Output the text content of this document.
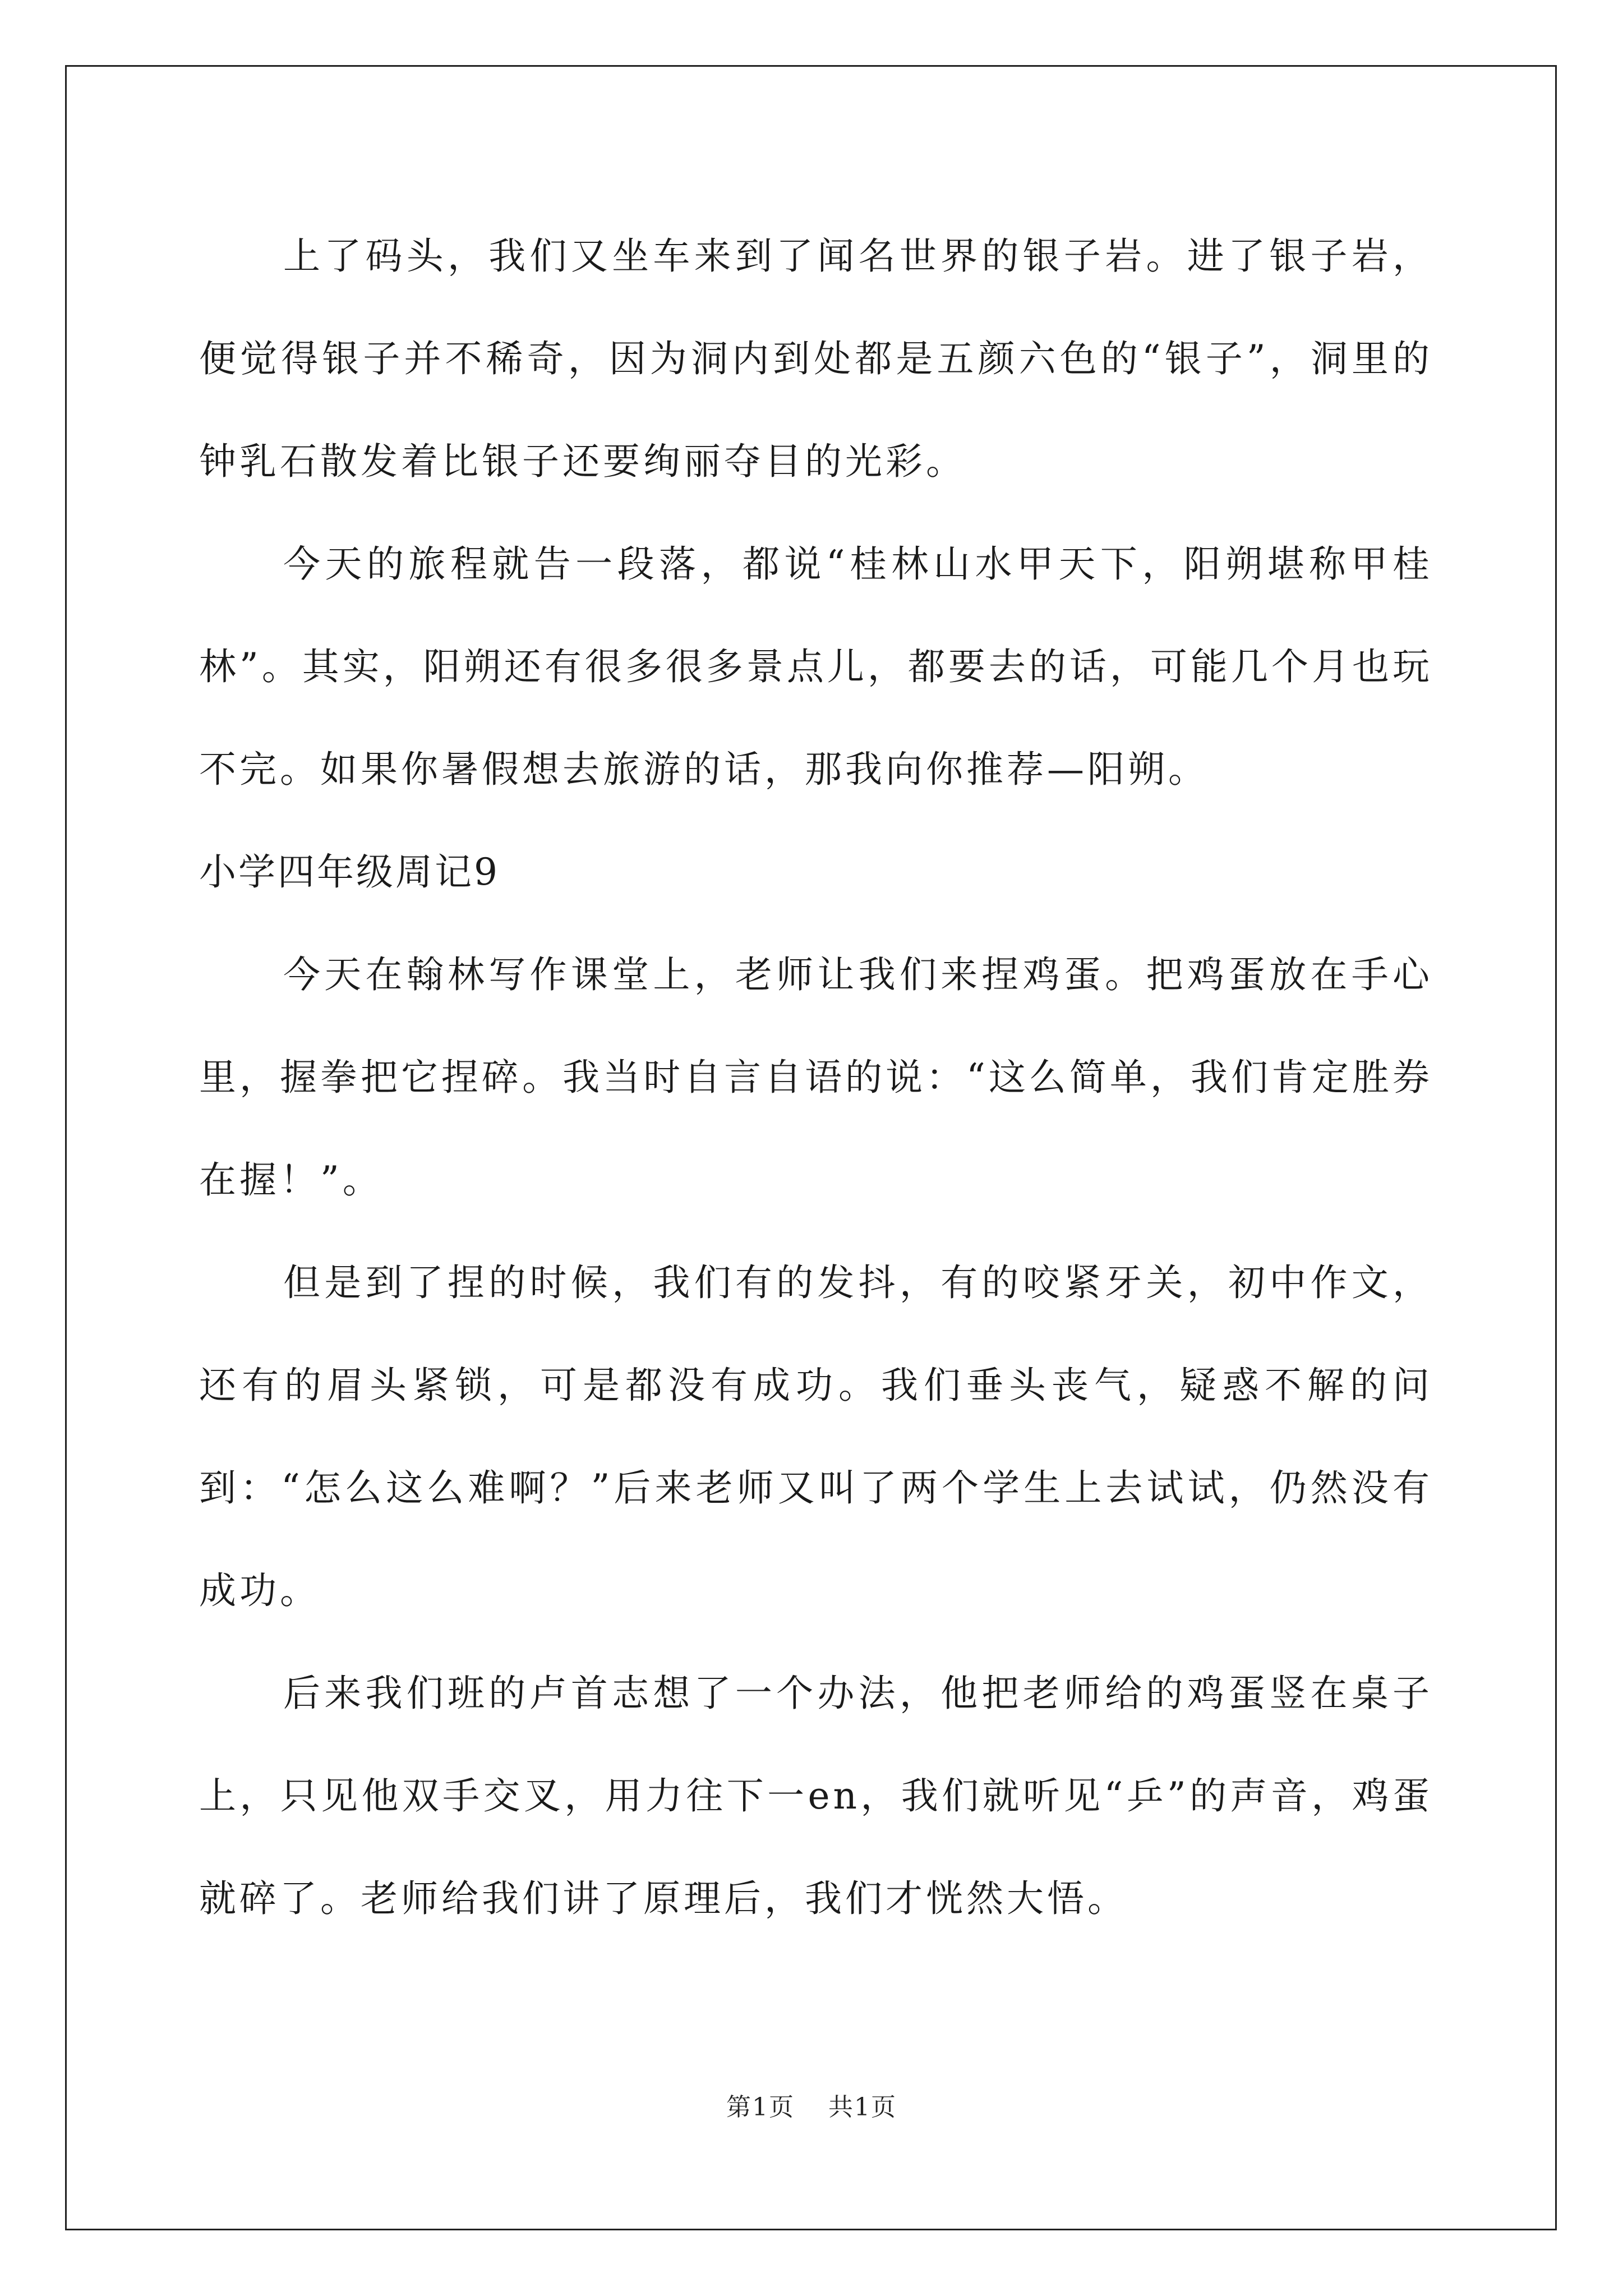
上了码头，我们又坐车来到了闻名世界的银子岩。进了银子岩，便觉得银子并不稀奇，因为洞内到处都是五颜六色的“银子”，洞里的钟乳石散发着比银子还要绚丽夺目的光彩。

今天的旅程就告一段落，都说“桂林山水甲天下，阳朔堪称甲桂林”。其实，阳朔还有很多很多景点儿，都要去的话，可能几个月也玩不完。如果你暑假想去旅游的话，那我向你推荐—阳朔。

小学四年级周记9

今天在翰林写作课堂上，老师让我们来捏鸡蛋。把鸡蛋放在手心里，握拳把它捏碎。我当时自言自语的说：“这么简单，我们肯定胜券在握！”。

但是到了捏的时候，我们有的发抖，有的咬紧牙关，初中作文，还有的眉头紧锁，可是都没有成功。我们垂头丧气，疑惑不解的问到：“怎么这么难啊？”后来老师又叫了两个学生上去试试，仍然没有成功。

后来我们班的卢首志想了一个办法，他把老师给的鸡蛋竖在桌子上，只见他双手交叉，用力往下一en，我们就听见“乒”的声音，鸡蛋就碎了。老师给我们讲了原理后，我们才恍然大悟。

第1页 共1页
